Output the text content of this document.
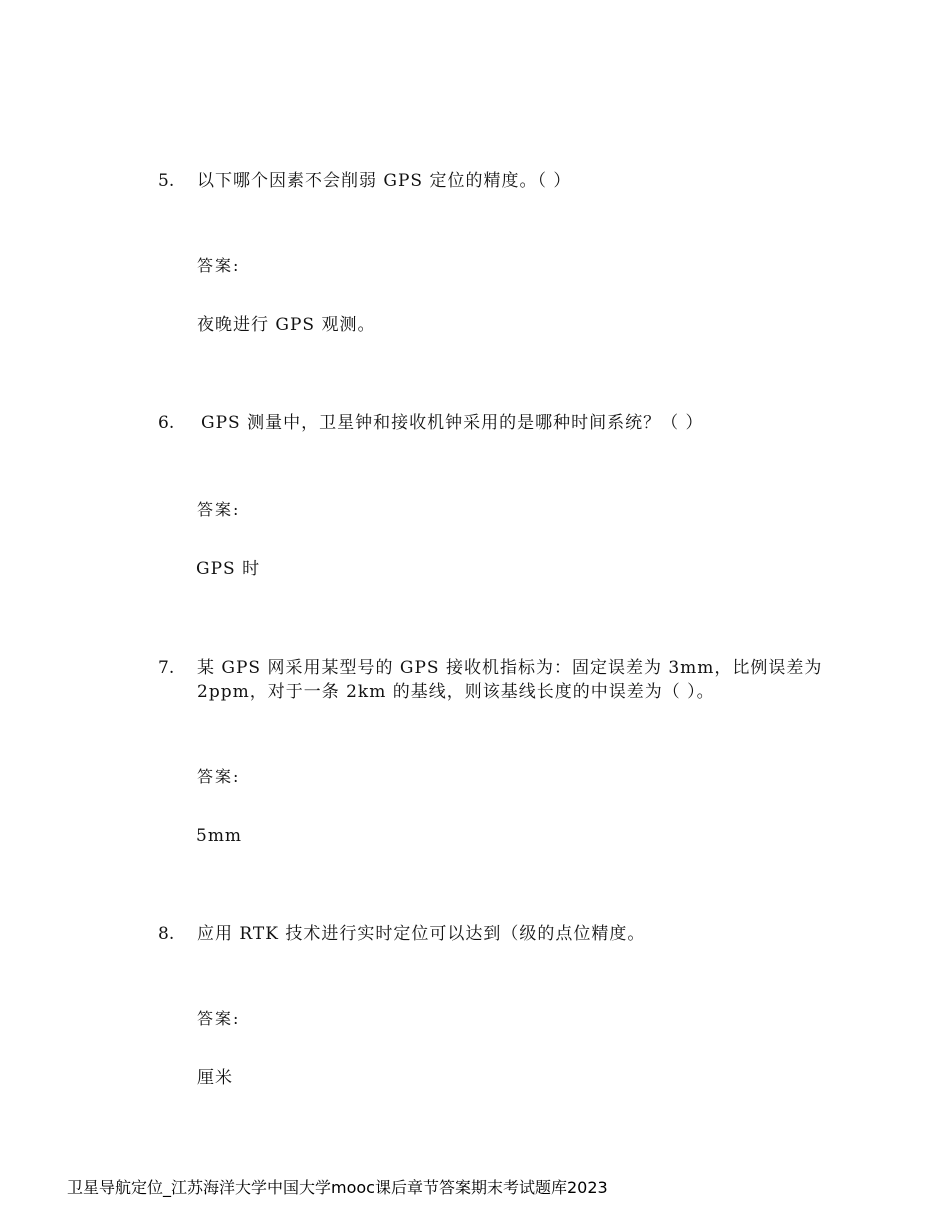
5. 以下哪个因素不会削弱 GPS 定位的精度。（ ）
答案:
夜晚进行 GPS 观测。
6. GPS 测量中，卫星钟和接收机钟采用的是哪种时间系统？（ ）
答案:
GPS 时
7. 某 GPS 网采用某型号的 GPS 接收机指标为：固定误差为 3mm，比例误差为
2ppm，对于一条 2km 的基线，则该基线长度的中误差为（ ）。
答案:
5mm
8. 应用 RTK 技术进行实时定位可以达到（级的点位精度。
答案:
厘米
卫星导航定位_江苏海洋大学中国大学mooc课后章节答案期末考试题库2023
